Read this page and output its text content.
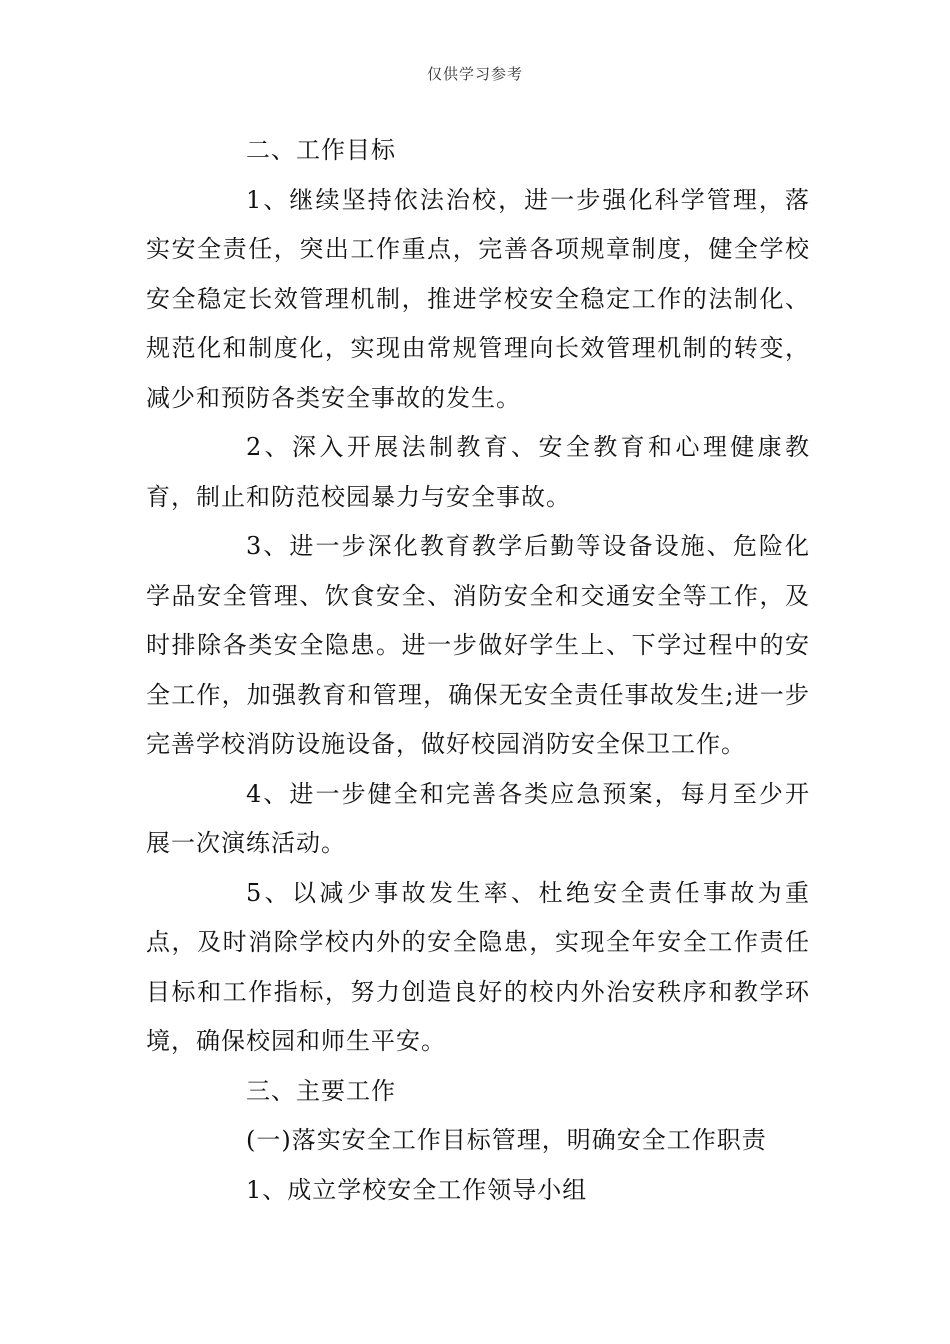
仅供学习参考

二、工作目标

1、继续坚持依法治校，进一步强化科学管理，落实安全责任，突出工作重点，完善各项规章制度，健全学校安全稳定长效管理机制，推进学校安全稳定工作的法制化、规范化和制度化，实现由常规管理向长效管理机制的转变，减少和预防各类安全事故的发生。

2、深入开展法制教育、安全教育和心理健康教育，制止和防范校园暴力与安全事故。

3、进一步深化教育教学后勤等设备设施、危险化学品安全管理、饮食安全、消防安全和交通安全等工作，及时排除各类安全隐患。进一步做好学生上、下学过程中的安全工作，加强教育和管理，确保无安全责任事故发生;进一步完善学校消防设施设备，做好校园消防安全保卫工作。

4、进一步健全和完善各类应急预案，每月至少开展一次演练活动。

5、以减少事故发生率、杜绝安全责任事故为重点，及时消除学校内外的安全隐患，实现全年安全工作责任目标和工作指标，努力创造良好的校内外治安秩序和教学环境，确保校园和师生平安。

三、主要工作

(一)落实安全工作目标管理，明确安全工作职责

1、成立学校安全工作领导小组
